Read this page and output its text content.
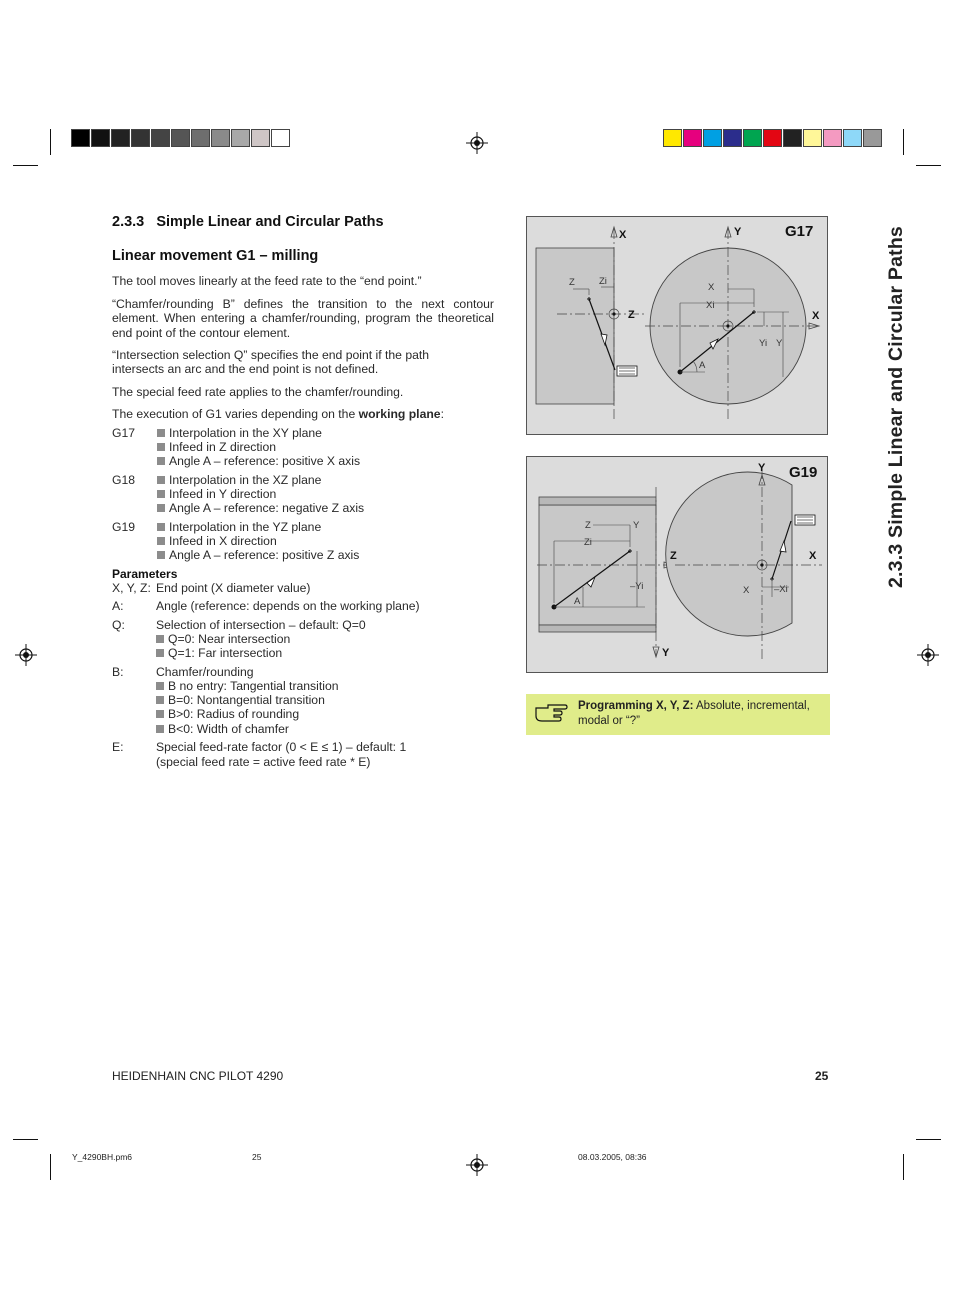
2.3.3 Simple Linear and Circular Paths
Linear movement G1 – milling
The tool moves linearly at the feed rate to the “end point.”
“Chamfer/rounding B” defines the transition to the next contour element. When entering a chamfer/rounding, program the theoretical end point of the contour element.
“Intersection selection Q” specifies the end point if the path intersects an arc and the end point is not defined.
The special feed rate applies to the chamfer/rounding.
The execution of G1 varies depending on the working plane:
G17	Interpolation in the XY plane
Infeed in Z direction
Angle A – reference: positive X axis
G18	Interpolation in the XZ plane
Infeed in Y direction
Angle A – reference: negative Z axis
G19	Interpolation in the YZ plane
Infeed in X direction
Angle A – reference: positive Z axis
Parameters
X, Y, Z: End point (X diameter value)
A:	Angle (reference: depends on the working plane)
Q:	Selection of intersection – default: Q=0
Q=0: Near intersection
Q=1: Far intersection
B:	Chamfer/rounding
B no entry: Tangential transition
B=0: Nontangential transition
B>0: Radius of rounding
B<0: Width of chamfer
E:	Special feed-rate factor (0 < E ≤ 1) – default: 1
(special feed rate = active feed rate * E)
2.3.3 Simple Linear and Circular Paths
X	Y
Z	X
G17
Z	Zi
X
Xi
Yi Y
A
Y
Z	X
Y
G19
Z
Zi
Y
–Yi
A
X	–Xi
Programming X, Y, Z: Absolute, incremental, modal or “?”
HEIDENHAIN CNC PILOT 4290	25
Y_4290BH.pm6	25	08.03.2005, 08:36
